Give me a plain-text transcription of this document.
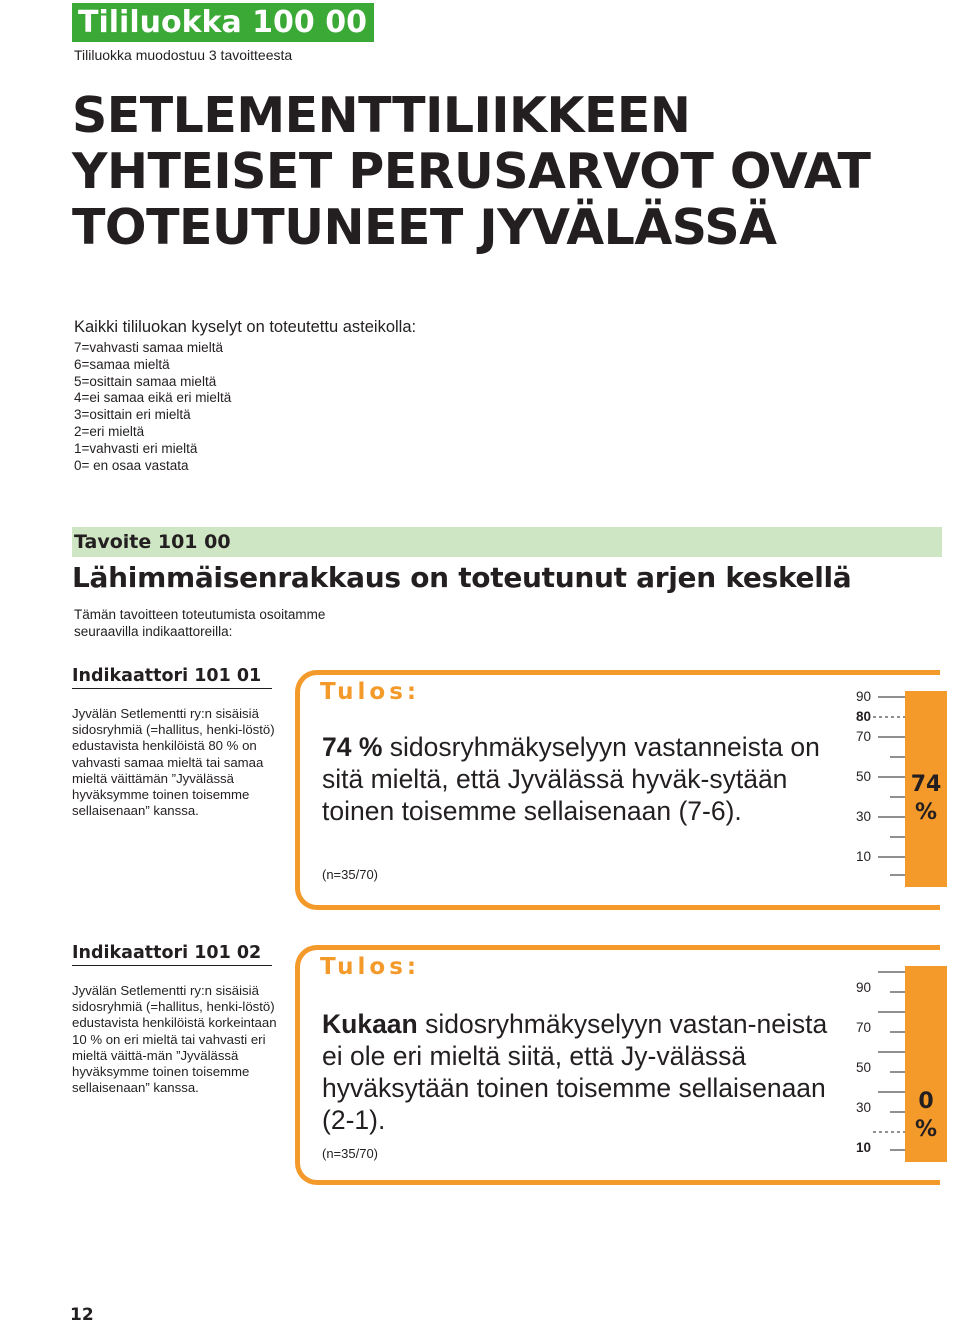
Tililuokka 100 00
Tililuokka muodostuu 3 tavoitteesta
SETLEMENTTILIIKKEEN
YHTEISET PERUSARVOT OVAT
TOTEUTUNEET JYVÄLÄSSÄ
Kaikki tililuokan kyselyt on toteutettu asteikolla:
7=vahvasti samaa mieltä
6=samaa mieltä
5=osittain samaa mieltä
4=ei samaa eikä eri mieltä
3=osittain eri mieltä
2=eri mieltä
1=vahvasti eri mieltä
0= en osaa vastata
Tavoite 101 00
Lähimmäisenrakkaus on toteutunut arjen keskellä
Tämän tavoitteen toteutumista osoitamme seuraavilla indikaattoreilla:
Indikaattori 101 01
Jyvälän Setlementti ry:n sisäisiä sidosryhmiä (=hallitus, henki-löstö) edustavista henkilöistä 80 % on vahvasti samaa mieltä tai samaa mieltä väittämän ”Jyvälässä hyväksymme toinen toisemme sellaisenaan” kanssa.
Tulos:
74 % sidosryhmäkyselyyn vastanneista on sitä mieltä, että Jyvälässä hyväk-sytään toinen toisemme sellaisenaan (7-6).
(n=35/70)
90
80
70
50
30
10
74
%
Indikaattori 101 02
Jyvälän Setlementti ry:n sisäisiä sidosryhmiä (=hallitus, henki-löstö) edustavista henkilöistä korkeintaan 10 % on eri mieltä tai vahvasti eri mieltä väittä-män ”Jyvälässä hyväksymme toinen toisemme sellaisenaan” kanssa.
Tulos:
Kukaan sidosryhmäkyselyyn vastan-neista ei ole eri mieltä siitä, että Jy-välässä hyväksytään toinen toisemme sellaisenaan (2-1).
(n=35/70)
90
70
50
30
10
0
%
12
